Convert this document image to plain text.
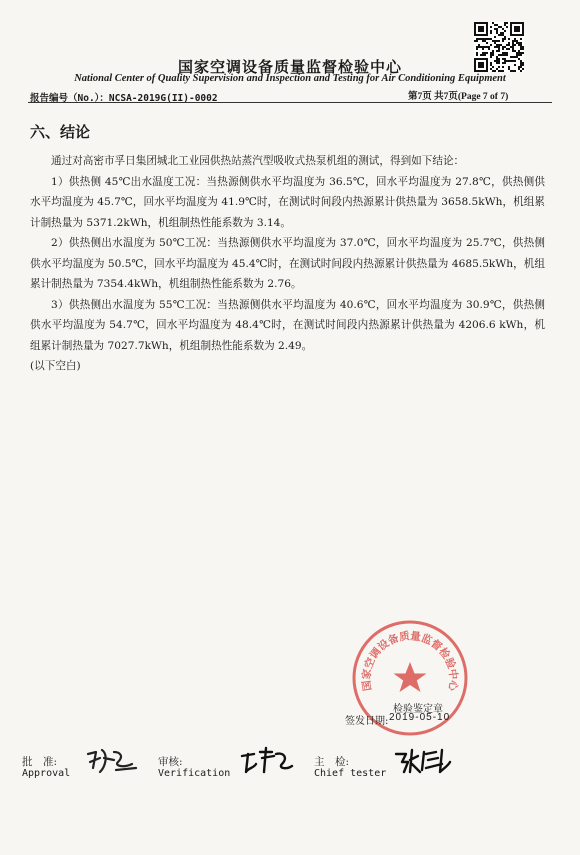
国家空调设备质量监督检验中心
National Center of Quality Supervision and Inspection and Testing for Air Conditioning Equipment
报告编号（No.）：NCSA-2019G(II)-0002	第7页 共7页(Page 7 of 7)
六、结论

通过对高密市孚日集团城北工业园供热站蒸汽型吸收式热泵机组的测试，得到如下结论：

1）供热侧 45℃出水温度工况：当热源侧供水平均温度为 36.5℃，回水平均温度为 27.8℃，供热侧供水平均温度为 45.7℃，回水平均温度为 41.9℃时，在测试时间段内热源累计供热量为 3658.5kWh，机组累计制热量为 5371.2kWh，机组制热性能系数为 3.14。

2）供热侧出水温度为 50℃工况：当热源侧供水平均温度为 37.0℃，回水平均温度为 25.7℃，供热侧供水平均温度为 50.5℃，回水平均温度为 45.4℃时，在测试时间段内热源累计供热量为 4685.5kWh，机组累计制热量为 7354.4kWh，机组制热性能系数为 2.76。

3）供热侧出水温度为 55℃工况：当热源侧供水平均温度为 40.6℃，回水平均温度为 30.9℃，供热侧供水平均温度为 54.7℃，回水平均温度为 48.4℃时，在测试时间段内热源累计供热量为 4206.6 kWh，机组累计制热量为 7027.7kWh，机组制热性能系数为 2.49。

(以下空白)

国家空调设备质量监督检验中心
检验鉴定章
签发日期: 2019-05-10
批　准:
Approval
审核:
Verification
主　检:
Chief tester
